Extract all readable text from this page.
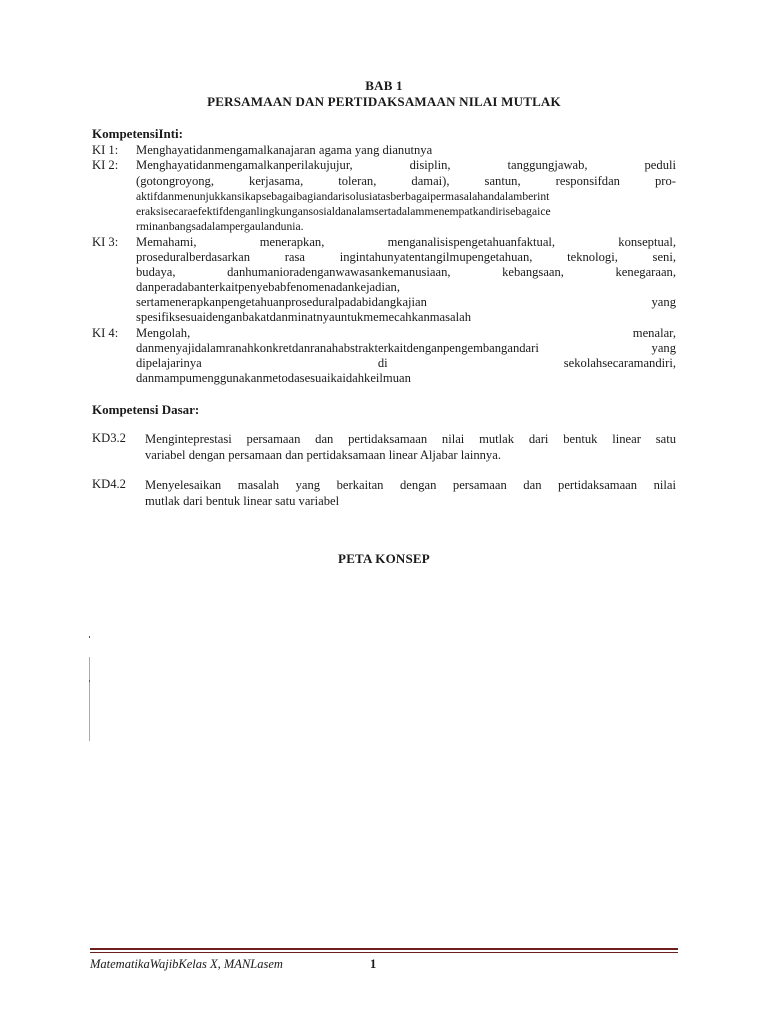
BAB 1
PERSAMAAN DAN PERTIDAKSAMAAN NILAI MUTLAK
KompetensiInti:
KI 1: Menghayatidanmengamalkanajaran agama yang dianutnya
KI 2: Menghayatidanmengamalkanperilakujujur, disiplin, tanggungjawab, peduli
(gotongroyong, kerjasama, toleran, damai), santun, responsifdan pro-
aktifdanmenunjukkansikapsebagaibagiandarisolusiatasberbagaipermasalahandalamberint
eraksisecaraefektifdenganlingkungansosialdanalamsertadalammenempatkandirisebagaice
rminanbangsadalampergaulandunia.
KI 3: Memahami, menerapkan, menganalisispengetahuanfaktual, konseptual,
proseduralberdasarkan rasa ingintahunyatentangilmupengetahuan, teknologi, seni,
budaya, danhumanioradenganwawasankemanusiaan, kebangsaan, kenegaraan,
danperadabanterkaitpenyebabfenomenadankejadian,
sertamenerapkanpengetahuanproseduralpadabidangkajian yang
spesifiksesuaidenganbakatdanminatnyauntukmemecahkanmasalah
KI 4: Mengolah, menalar,
danmenyajidalamranahkonkretdanranahabstrakterkaitdenganpengembangandari yang
dipelajarinya di sekolahsecaramandiri,
danmampumenggunakanmetodasesuaikaidahkeilmuan
Kompetensi Dasar:
KD3.2 Menginteprestasi persamaan dan pertidaksamaan nilai mutlak dari bentuk linear satu
variabel dengan persamaan dan pertidaksamaan linear Aljabar lainnya.
KD4.2 Menyelesaikan masalah yang berkaitan dengan persamaan dan pertidaksamaan nilai
mutlak dari bentuk linear satu variabel
PETA KONSEP
MatematikaWajibKelas X, MANLasem	1
